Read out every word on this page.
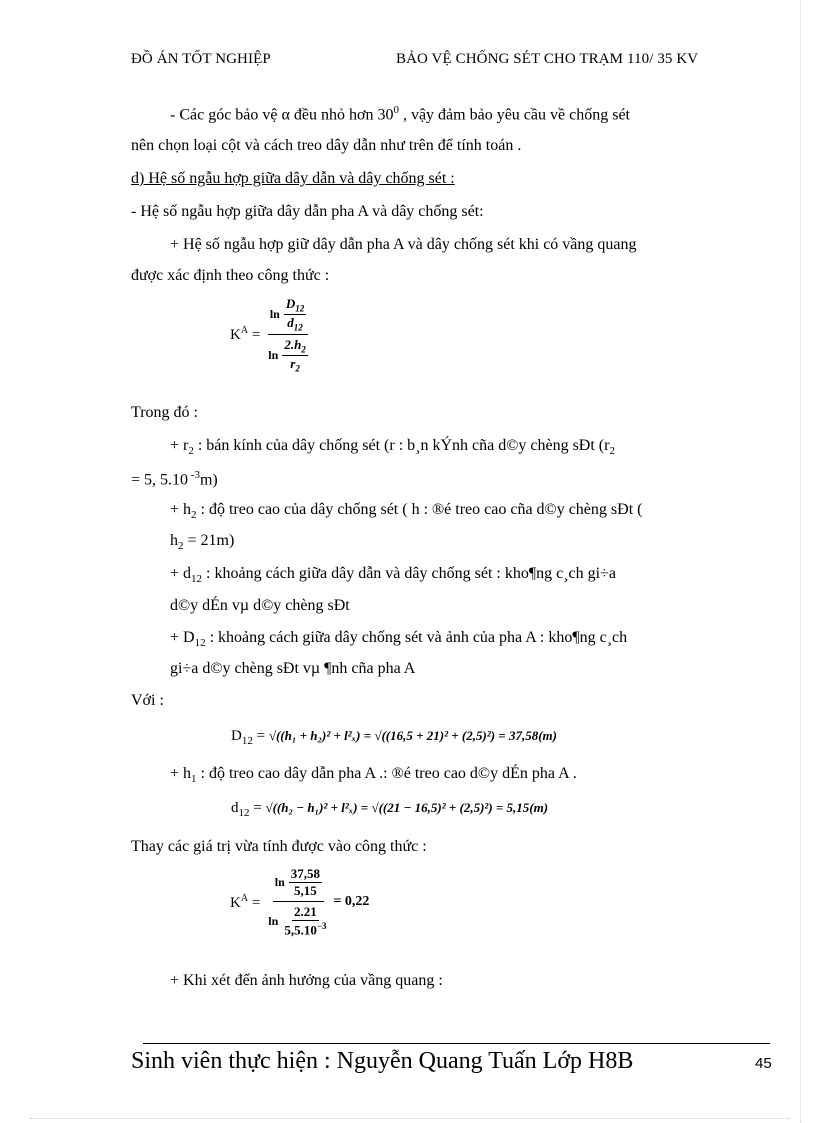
ĐỒ ÁN TỐT NGHIỆP	BẢO VỆ CHỐNG SÉT CHO TRẠM 110/ 35 KV
- Các góc bảo vệ α đều nhỏ hơn $30^0$ , vậy đảm bảo yêu cầu về chống sét
nên chọn loại cột và cách treo dây dẫn như trên để tính toán .
d) Hệ số ngẫu hợp giữa dây dẫn và dây chống sét :
- Hệ số ngẫu hợp giữa dây dẫn pha A và dây chống sét:
+ Hệ số ngẫu hợp giữ dây dẫn pha A và dây chống sét khi có vầng quang
được xác định theo công thức :
$K^A = \frac{\ln \frac{D_{12}}{d_{12}}}{\ln \frac{2.h_2}{r_2}}$
Trong đó :
+ $r_2$ : bán kính của dây chống sét (r : b¸n kÝnh cña d©y chèng sÐt ($r_2$
= 5, 5.10 $^{-3}$m)
+ $h_2$ : độ treo cao của dây chống sét ( h : ®é treo cao cña d©y chèng sÐt (
$h_2 = 21m$)
+ $d_{12}$ : khoảng cách giữa dây dẫn và dây chống sét : kho¶ng c¸ch gi÷a
d©y dÉn vµ d©y chèng sÐt
+ $D_{12}$ : khoảng cách giữa dây chống sét và ảnh của pha A : kho¶ng c¸ch
gi÷a d©y chèng sÐt vµ ¶nh cña pha A
Với :
$D_{12} = √((h_1 + h_2)^2 + l^2_x) = √((16,5 + 21)^2 + (2,5)^2) = 37,58(m)$
+ $h_1$ : độ treo cao dây dẫn pha A .: ®é treo cao d©y dÉn pha A .
$d_{12} = √((h_2 - h_1)^2 + l^2_x) = √((21 - 16,5)^2 + (2,5)^2) = 5,15(m)$
Thay các giá trị vừa tính được vào công thức :
$K^A = \frac{\ln \frac{37,58}{5,15}}{\ln \frac{2.21}{5,5.10^{-3}}} = 0,22$
+ Khi xét đến ảnh hưởng của vầng quang :
Sinh viên thực hiện : Nguyễn Quang Tuấn Lớp H8B	45
